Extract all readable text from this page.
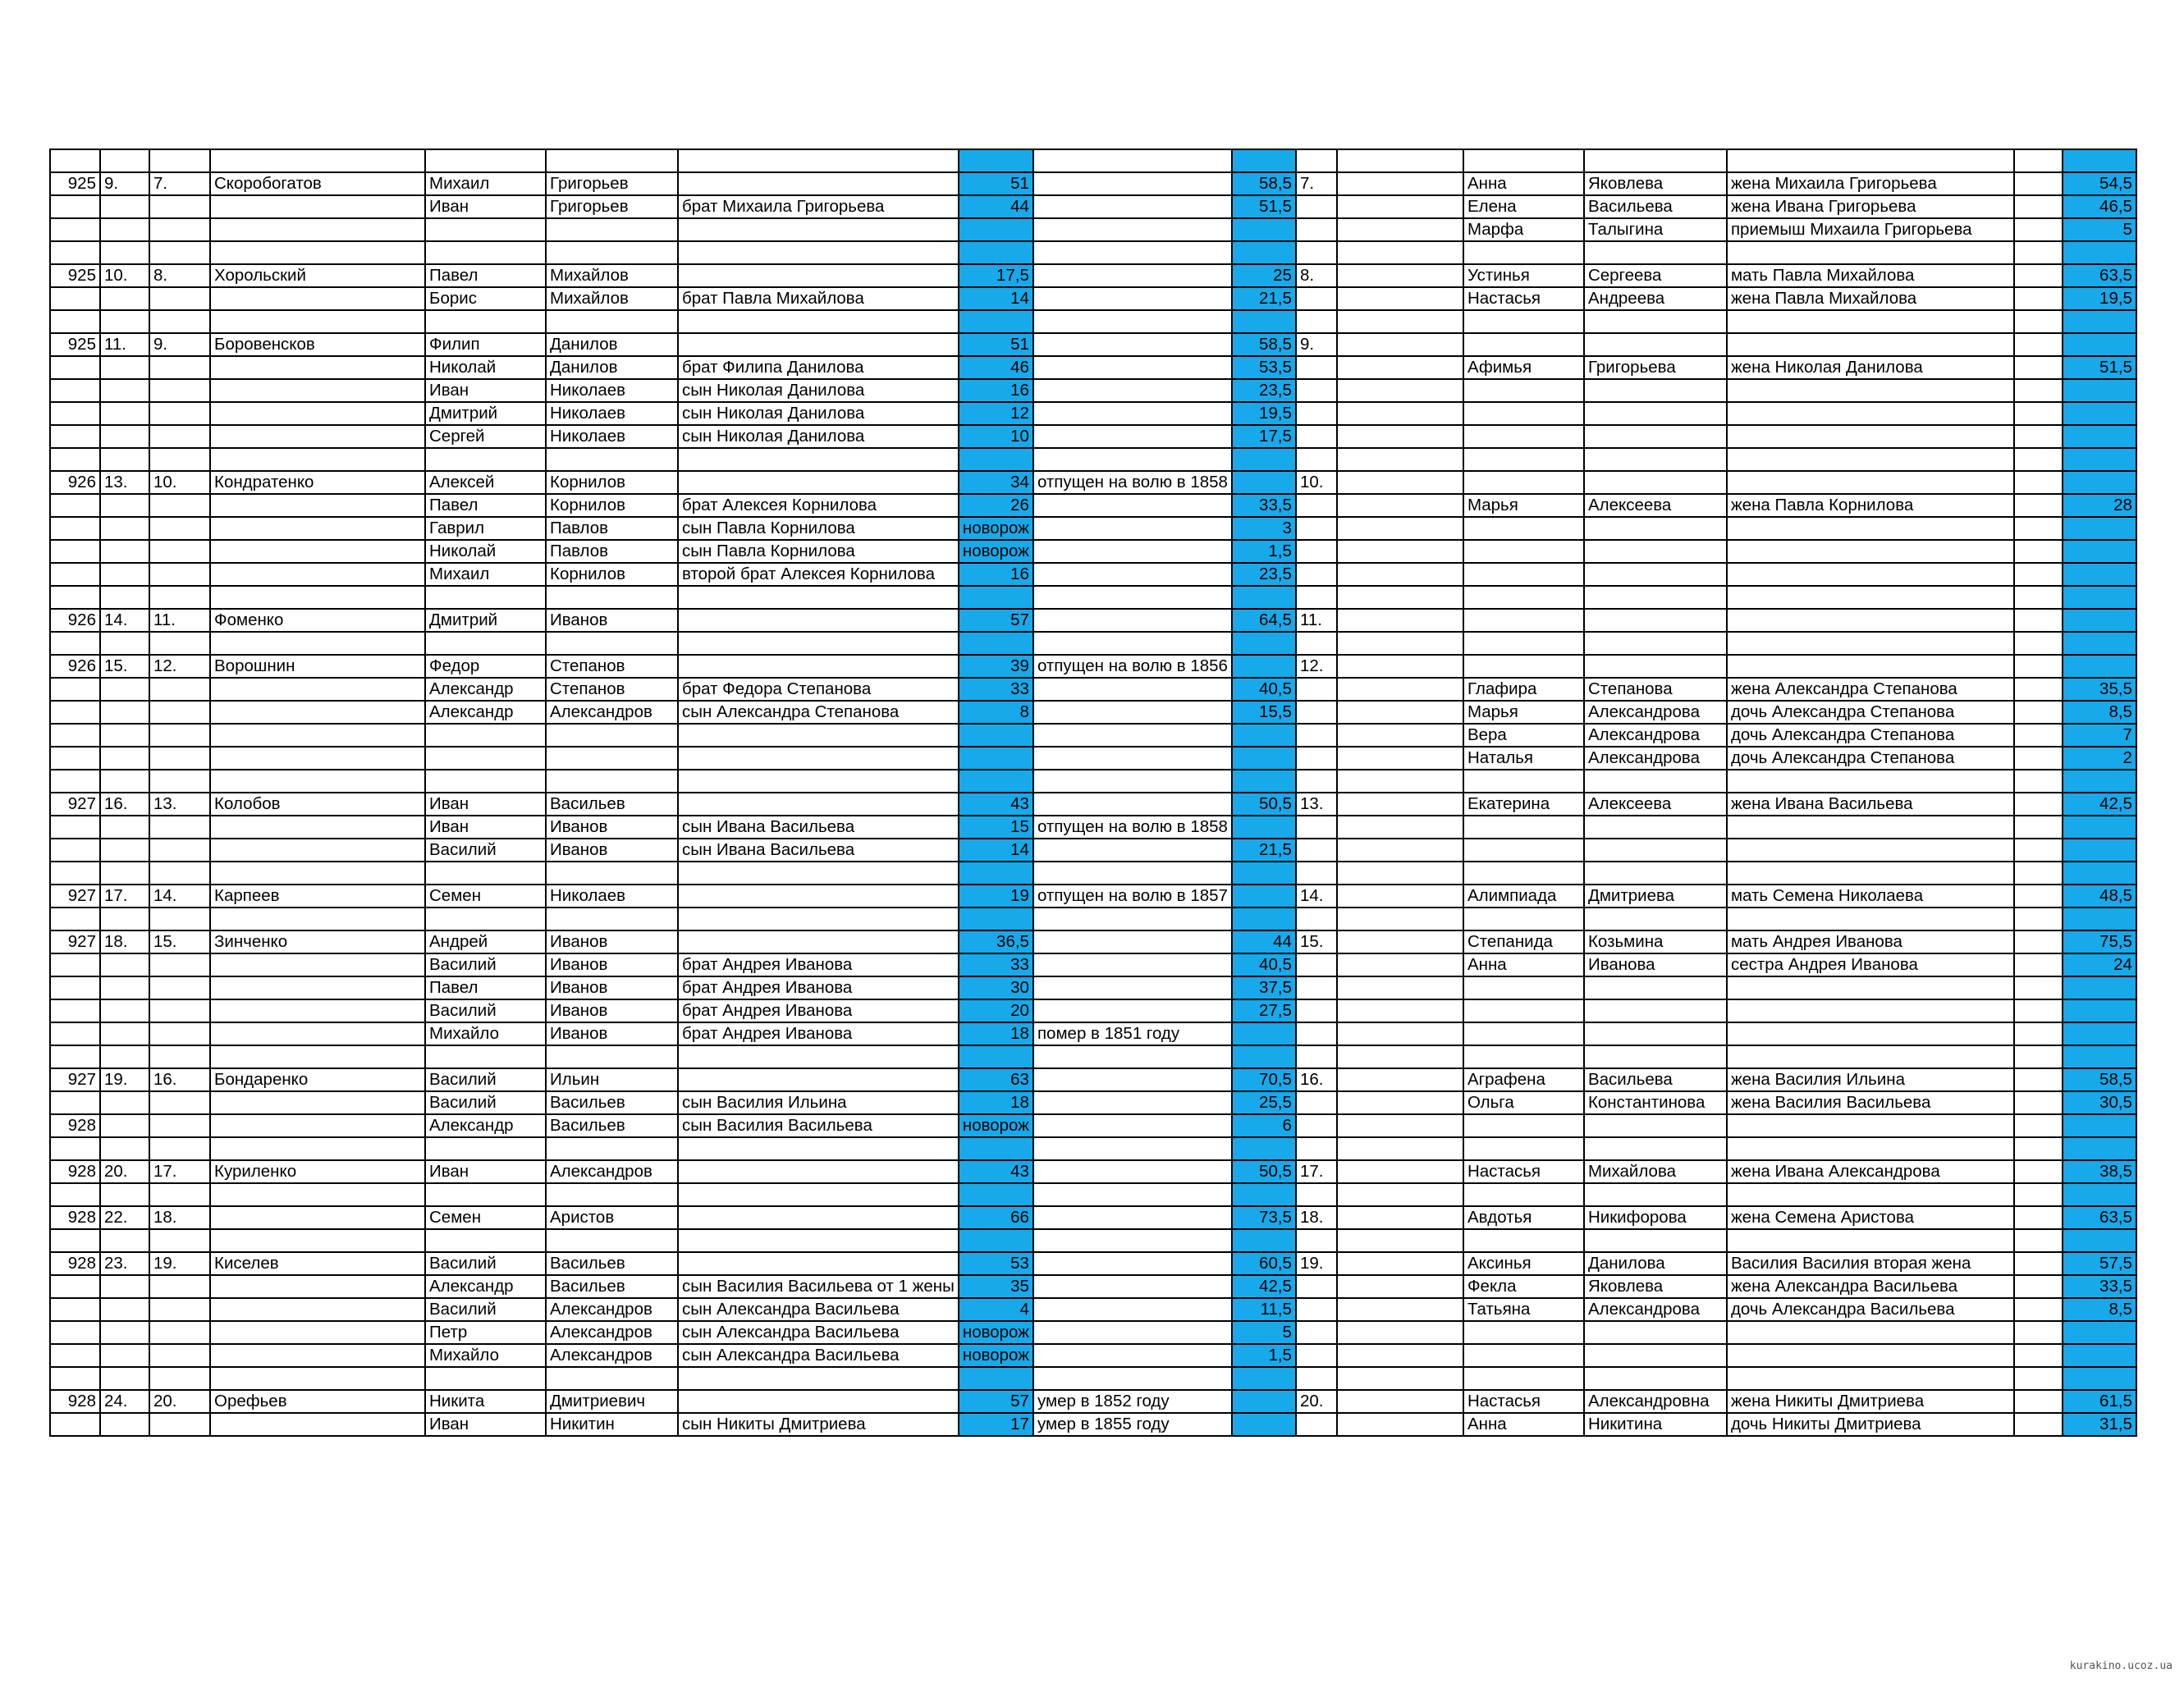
925	9.	7.	Скоробогатов	Михаил	Григорьев		51		58,5	7.		Анна	Яковлева	жена Михаила Григорьева		54,5
				Иван	Григорьев	брат Михаила Григорьева	44		51,5			Елена	Васильева	жена Ивана Григорьева		46,5
												Марфа	Талыгина	приемыш Михаила Григорьева		5

925	10.	8.	Хорольский	Павел	Михайлов		17,5		25	8.		Устинья	Сергеева	мать Павла Михайлова		63,5
				Борис	Михайлов	брат Павла Михайлова	14		21,5			Настасья	Андреева	жена Павла Михайлова		19,5

925	11.	9.	Боровенсков	Филип	Данилов		51		58,5	9.						
				Николай	Данилов	брат Филипа Данилова	46		53,5			Афимья	Григорьева	жена Николая Данилова		51,5
				Иван	Николаев	сын Николая Данилова	16		23,5							
				Дмитрий	Николаев	сын Николая Данилова	12		19,5							
				Сергей	Николаев	сын Николая Данилова	10		17,5							

926	13.	10.	Кондратенко	Алексей	Корнилов		34	отпущен на волю в 1858		10.						
				Павел	Корнилов	брат Алексея Корнилова	26		33,5			Марья	Алексеева	жена Павла Корнилова		28
				Гаврил	Павлов	сын Павла Корнилова	новорож		3							
				Николай	Павлов	сын Павла Корнилова	новорож		1,5							
				Михаил	Корнилов	второй брат Алексея Корнилова	16		23,5							

926	14.	11.	Фоменко	Дмитрий	Иванов		57		64,5	11.						

926	15.	12.	Ворошнин	Федор	Степанов		39	отпущен на волю в 1856		12.						
				Александр	Степанов	брат Федора Степанова	33		40,5			Глафира	Степанова	жена Александра Степанова		35,5
				Александр	Александров	сын Александра Степанова	8		15,5			Марья	Александрова	дочь Александра Степанова		8,5
												Вера	Александрова	дочь Александра Степанова		7
												Наталья	Александрова	дочь Александра Степанова		2

927	16.	13.	Колобов	Иван	Васильев		43		50,5	13.		Екатерина	Алексеева	жена Ивана Васильева		42,5
				Иван	Иванов	сын Ивана Васильева	15	отпущен на волю в 1858								
				Василий	Иванов	сын Ивана Васильева	14		21,5							

927	17.	14.	Карпеев	Семен	Николаев		19	отпущен на волю в 1857		14.		Алимпиада	Дмитриева	мать Семена Николаева		48,5

927	18.	15.	Зинченко	Андрей	Иванов		36,5		44	15.		Степанида	Козьмина	мать Андрея Иванова		75,5
				Василий	Иванов	брат Андрея Иванова	33		40,5			Анна	Иванова	сестра Андрея Иванова		24
				Павел	Иванов	брат Андрея Иванова	30		37,5							
				Василий	Иванов	брат Андрея Иванова	20		27,5							
				Михайло	Иванов	брат Андрея Иванова	18	помер в 1851 году								

927	19.	16.	Бондаренко	Василий	Ильин		63		70,5	16.		Аграфена	Васильева	жена Василия Ильина		58,5
				Василий	Васильев	сын Василия Ильина	18		25,5			Ольга	Константинова	жена Василия Васильева		30,5
928				Александр	Васильев	сын Василия Васильева	новорож		6							

928	20.	17.	Куриленко	Иван	Александров		43		50,5	17.		Настасья	Михайлова	жена Ивана Александрова		38,5

928	22.	18.		Семен	Аристов		66		73,5	18.		Авдотья	Никифорова	жена Семена Аристова		63,5

928	23.	19.	Киселев	Василий	Васильев		53		60,5	19.		Аксинья	Данилова	Василия Василия вторая жена		57,5
				Александр	Васильев	сын Василия Васильева от 1 жены	35		42,5			Фекла	Яковлева	жена Александра Васильева		33,5
				Василий	Александров	сын Александра Васильева	4		11,5			Татьяна	Александрова	дочь Александра Васильева		8,5
				Петр	Александров	сын Александра Васильева	новорож		5							
				Михайло	Александров	сын Александра Васильева	новорож		1,5							

928	24.	20.	Орефьев	Никита	Дмитриевич		57	умер в 1852 году		20.		Настасья	Александровна	жена Никиты Дмитриева		61,5
				Иван	Никитин	сын Никиты Дмитриева	17	умер в 1855 году				Анна	Никитина	дочь Никиты Дмитриева		31,5
kurakino.ucoz.ua
